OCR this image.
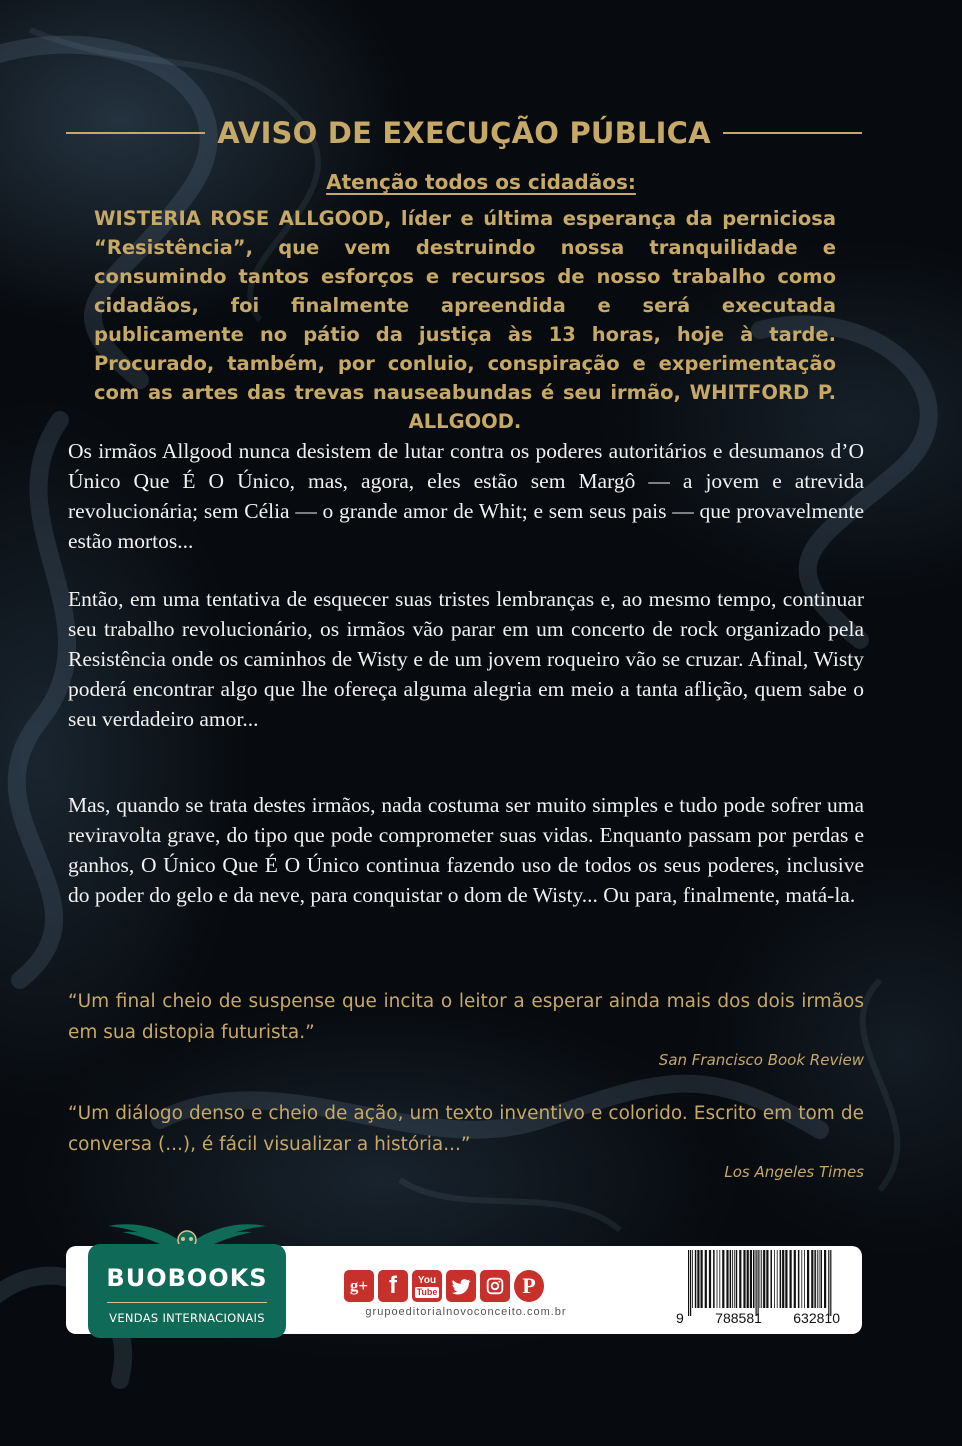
AVISO DE EXECUÇÃO PÚBLICA
Atenção todos os cidadãos:

WISTERIA ROSE ALLGOOD, líder e última esperança da perniciosa “Resistência”, que vem destruindo nossa tranquilidade e consumindo tantos esforços e recursos de nosso trabalho como cidadãos, foi finalmente apreendida e será executada publicamente no pátio da justiça às 13 horas, hoje à tarde. Procurado, também, por conluio, conspiração e experimentação com as artes das trevas nauseabundas é seu irmão, WHITFORD P. ALLGOOD.

Os irmãos Allgood nunca desistem de lutar contra os poderes autoritários e desumanos d’O Único Que É O Único, mas, agora, eles estão sem Margô — a jovem e atrevida revolucionária; sem Célia — o grande amor de Whit; e sem seus pais — que provavelmente estão mortos...

Então, em uma tentativa de esquecer suas tristes lembranças e, ao mesmo tempo, continuar seu trabalho revolucionário, os irmãos vão parar em um concerto de rock organizado pela Resistência onde os caminhos de Wisty e de um jovem roqueiro vão se cruzar. Afinal, Wisty poderá encontrar algo que lhe ofereça alguma alegria em meio a tanta aflição, quem sabe o seu verdadeiro amor...

Mas, quando se trata destes irmãos, nada costuma ser muito simples e tudo pode sofrer uma reviravolta grave, do tipo que pode comprometer suas vidas. Enquanto passam por perdas e ganhos, O Único Que É O Único continua fazendo uso de todos os seus poderes, inclusive do poder do gelo e da neve, para conquistar o dom de Wisty... Ou para, finalmente, matá-la.

“Um final cheio de suspense que incita o leitor a esperar ainda mais dos dois irmãos em sua distopia futurista.”

San Francisco Book Review

“Um diálogo denso e cheio de ação, um texto inventivo e colorido. Escrito em tom de conversa (...), é fácil visualizar a história...”

Los Angeles Times
BUOBOOKS
VENDAS INTERNACIONAIS
g+ f You
Tube	P
grupoeditorialnovoconceito.com.br	9 788581 632810
